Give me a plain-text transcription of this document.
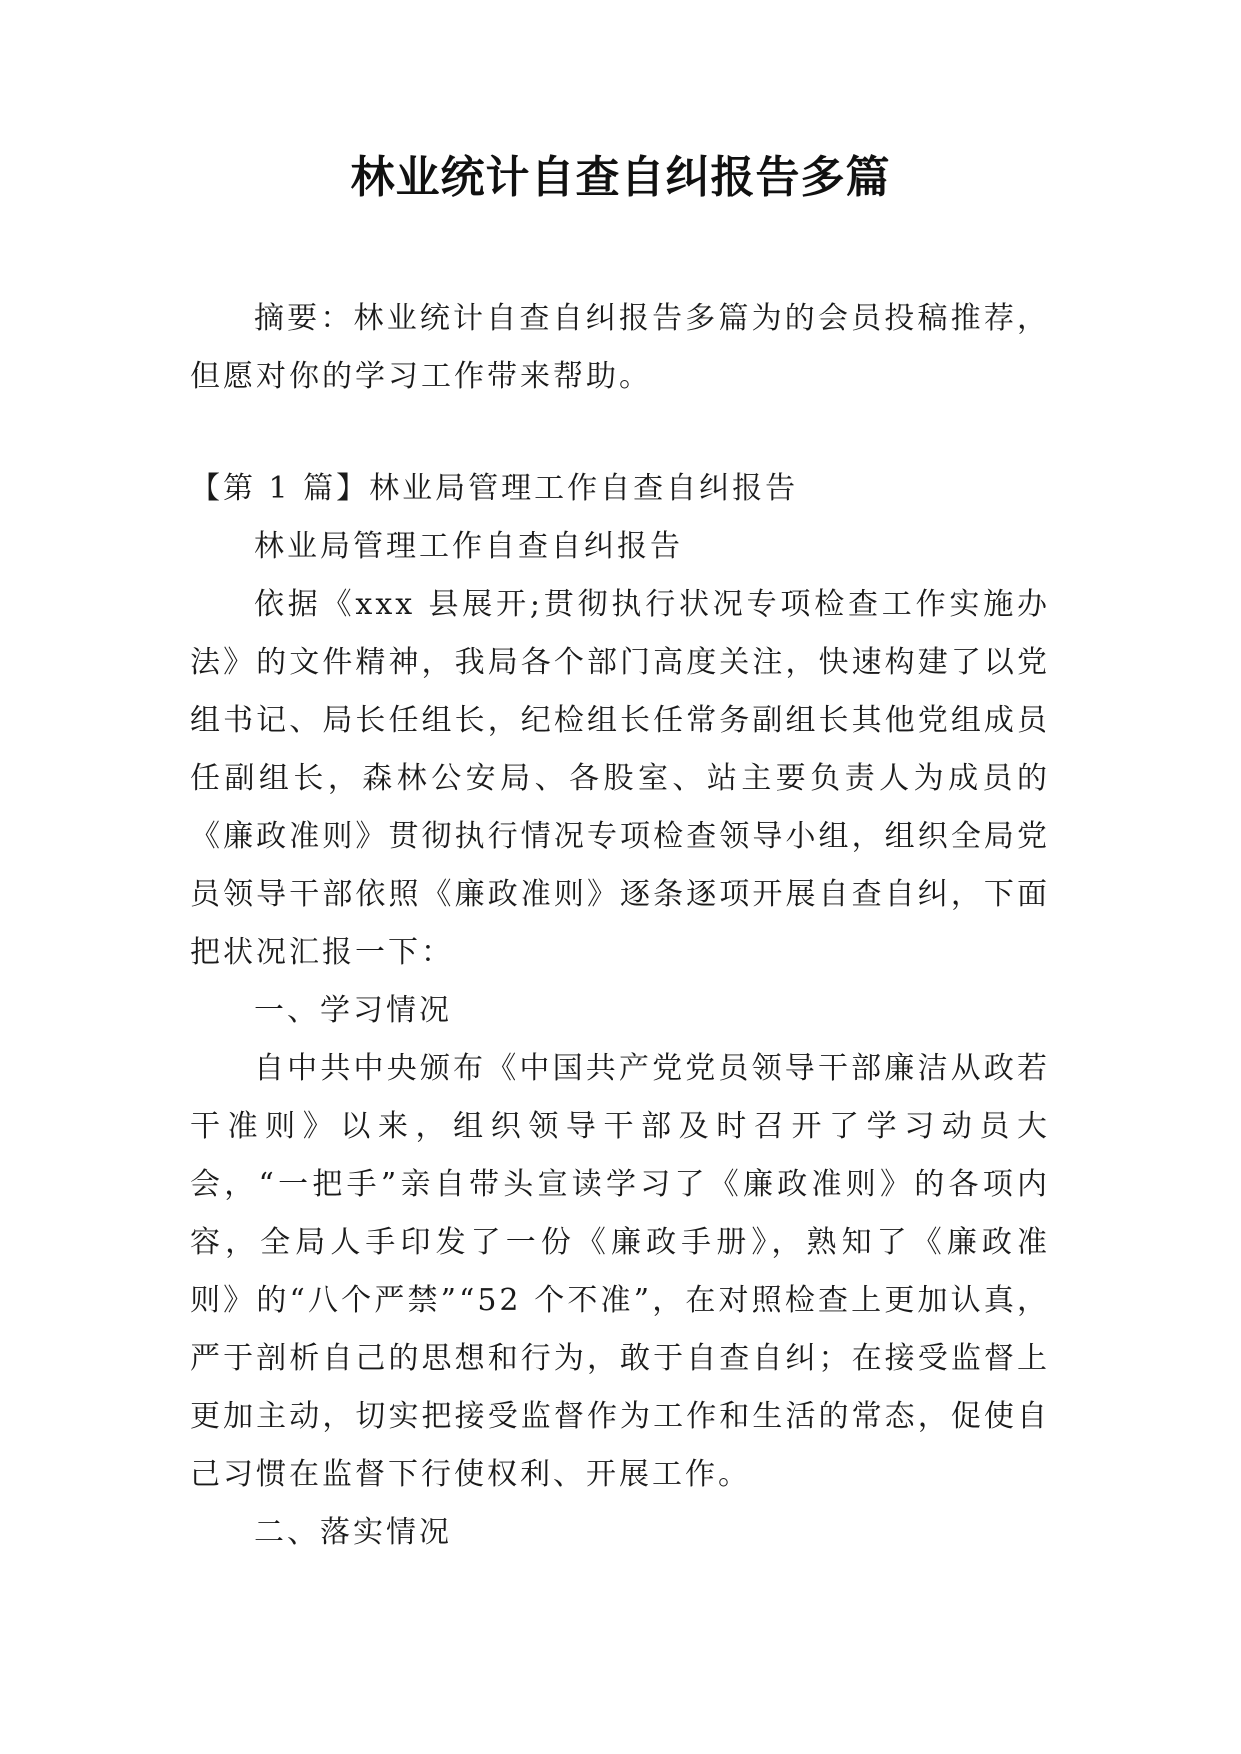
林业统计自查自纠报告多篇

摘要：林业统计自查自纠报告多篇为的会员投稿推荐，但愿对你的学习工作带来帮助。

【第 1 篇】林业局管理工作自查自纠报告

林业局管理工作自查自纠报告

依据《xxx 县展开;贯彻执行状况专项检查工作实施办法》的文件精神，我局各个部门高度关注，快速构建了以党组书记、局长任组长，纪检组长任常务副组长其他党组成员任副组长，森林公安局、各股室、站主要负责人为成员的《廉政准则》贯彻执行情况专项检查领导小组，组织全局党员领导干部依照《廉政准则》逐条逐项开展自查自纠，下面把状况汇报一下：

一、学习情况

自中共中央颁布《中国共产党党员领导干部廉洁从政若干准则》以来，组织领导干部及时召开了学习动员大会，“一把手”亲自带头宣读学习了《廉政准则》的各项内容，全局人手印发了一份《廉政手册》，熟知了《廉政准则》的“八个严禁”“52 个不准”，在对照检查上更加认真，严于剖析自己的思想和行为，敢于自查自纠；在接受监督上更加主动，切实把接受监督作为工作和生活的常态，促使自己习惯在监督下行使权利、开展工作。

二、落实情况
